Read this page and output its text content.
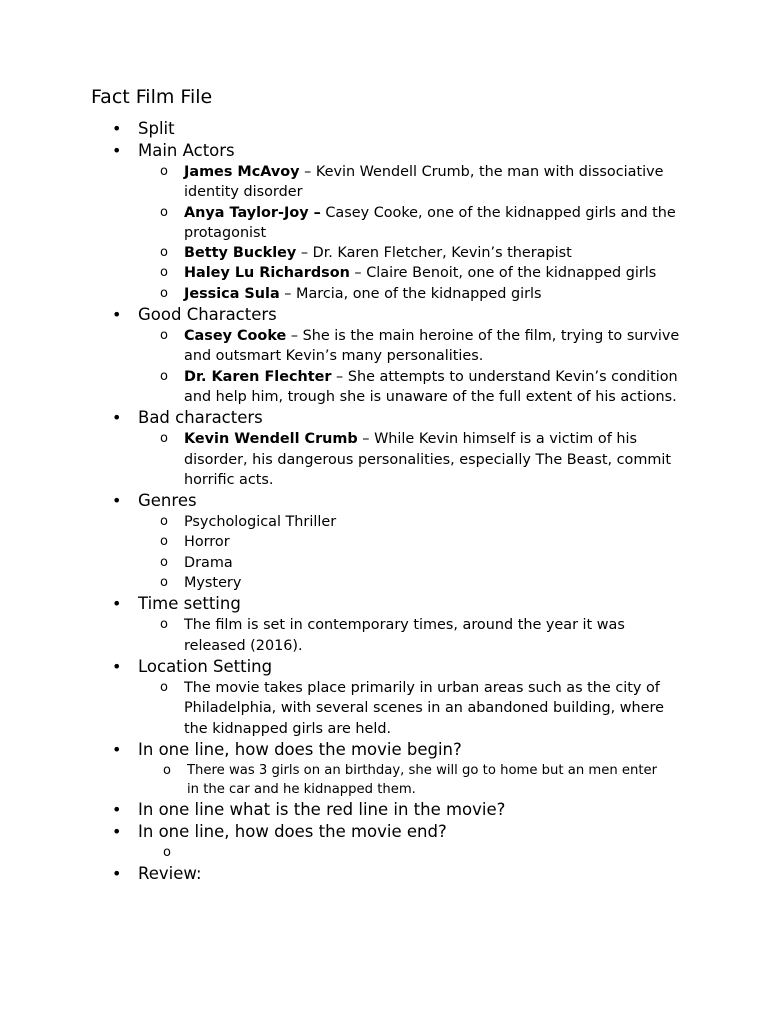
Fact Film File
• Split
• Main Actors
o James McAvoy – Kevin Wendell Crumb, the man with dissociative identity disorder
o Anya Taylor-Joy – Casey Cooke, one of the kidnapped girls and the protagonist
o Betty Buckley – Dr. Karen Fletcher, Kevin’s therapist
o Haley Lu Richardson – Claire Benoit, one of the kidnapped girls
o Jessica Sula – Marcia, one of the kidnapped girls
• Good Characters
o Casey Cooke – She is the main heroine of the film, trying to survive and outsmart Kevin’s many personalities.
o Dr. Karen Flechter – She attempts to understand Kevin’s condition and help him, trough she is unaware of the full extent of his actions.
• Bad characters
o Kevin Wendell Crumb – While Kevin himself is a victim of his disorder, his dangerous personalities, especially The Beast, commit horrific acts.
• Genres
o Psychological Thriller
o Horror
o Drama
o Mystery
• Time setting
o The film is set in contemporary times, around the year it was released (2016).
• Location Setting
o The movie takes place primarily in urban areas such as the city of Philadelphia, with several scenes in an abandoned building, where the kidnapped girls are held.
• In one line, how does the movie begin?
o There was 3 girls on an birthday, she will go to home but an men enter in the car and he kidnapped them.
• In one line what is the red line in the movie?
• In one line, how does the movie end?
o
• Review:
